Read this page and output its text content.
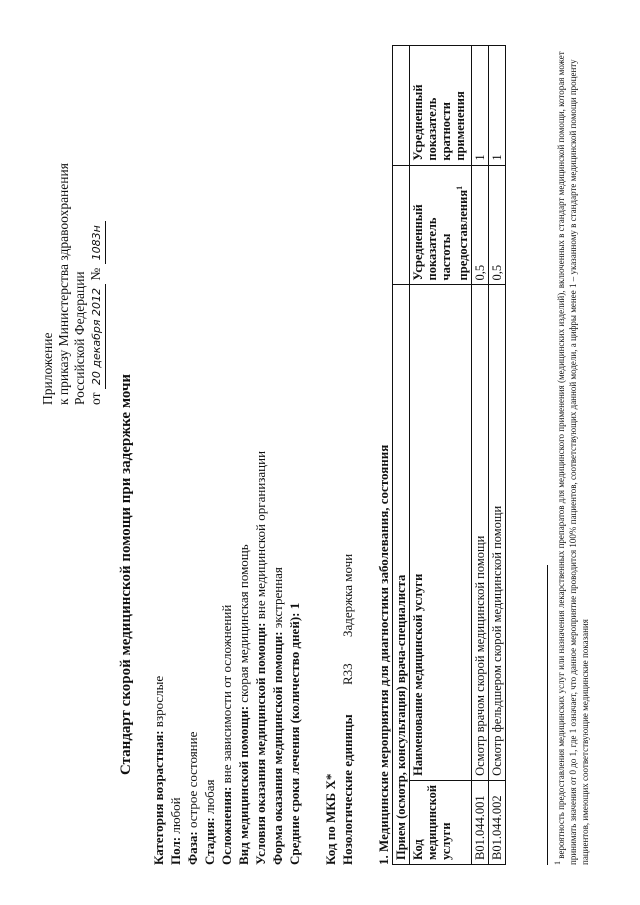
Приложение к приказу Министерства здравоохранения Российской Федерации от 20 декабря 2012 № 1083н
Стандарт скорой медицинской помощи при задержке мочи
Категория возрастная: взрослые
Пол: любой
Фаза: острое состояние
Стадия: любая Осложнения: вне зависимости от осложнений Вид медицинской помощи: скорая медицинская помощь Условия оказания медицинской помощи: вне медицинской организации
Форма оказания медицинской помощи: экстренная
Средние сроки лечения (количество дней): 1
Код по МКБ Х* Нозологические единицы
R33
Задержка мочи 1. Медицинские мероприятия для диагностики заболевания, состояния Прием (осмотр, консультация) врача-специалиста			
Код медицинской услуги	Наименование медицинской услуги	Усредненный показатель частоты предоставления$^1$	Усредненный показатель кратности применения
B01.044.001	Осмотр врачом скорой медицинской помощи	0,5	1
B01.044.002	Осмотр фельдшером скорой медицинской помощи	0,5	1
$^1$ вероятность предоставления медицинских услуг или назначения лекарственных препаратов для медицинского применения (медицинских изделий), включенных в стандарт медицинской помощи, которая может принимать значения от 0 до 1, где 1 означает, что данное мероприятие проводится 100% пациентов, соответствующих данной модели, а цифры менее 1 – указанному в стандарте медицинской помощи проценту пациентов, имеющих соответствующие медицинские показания
